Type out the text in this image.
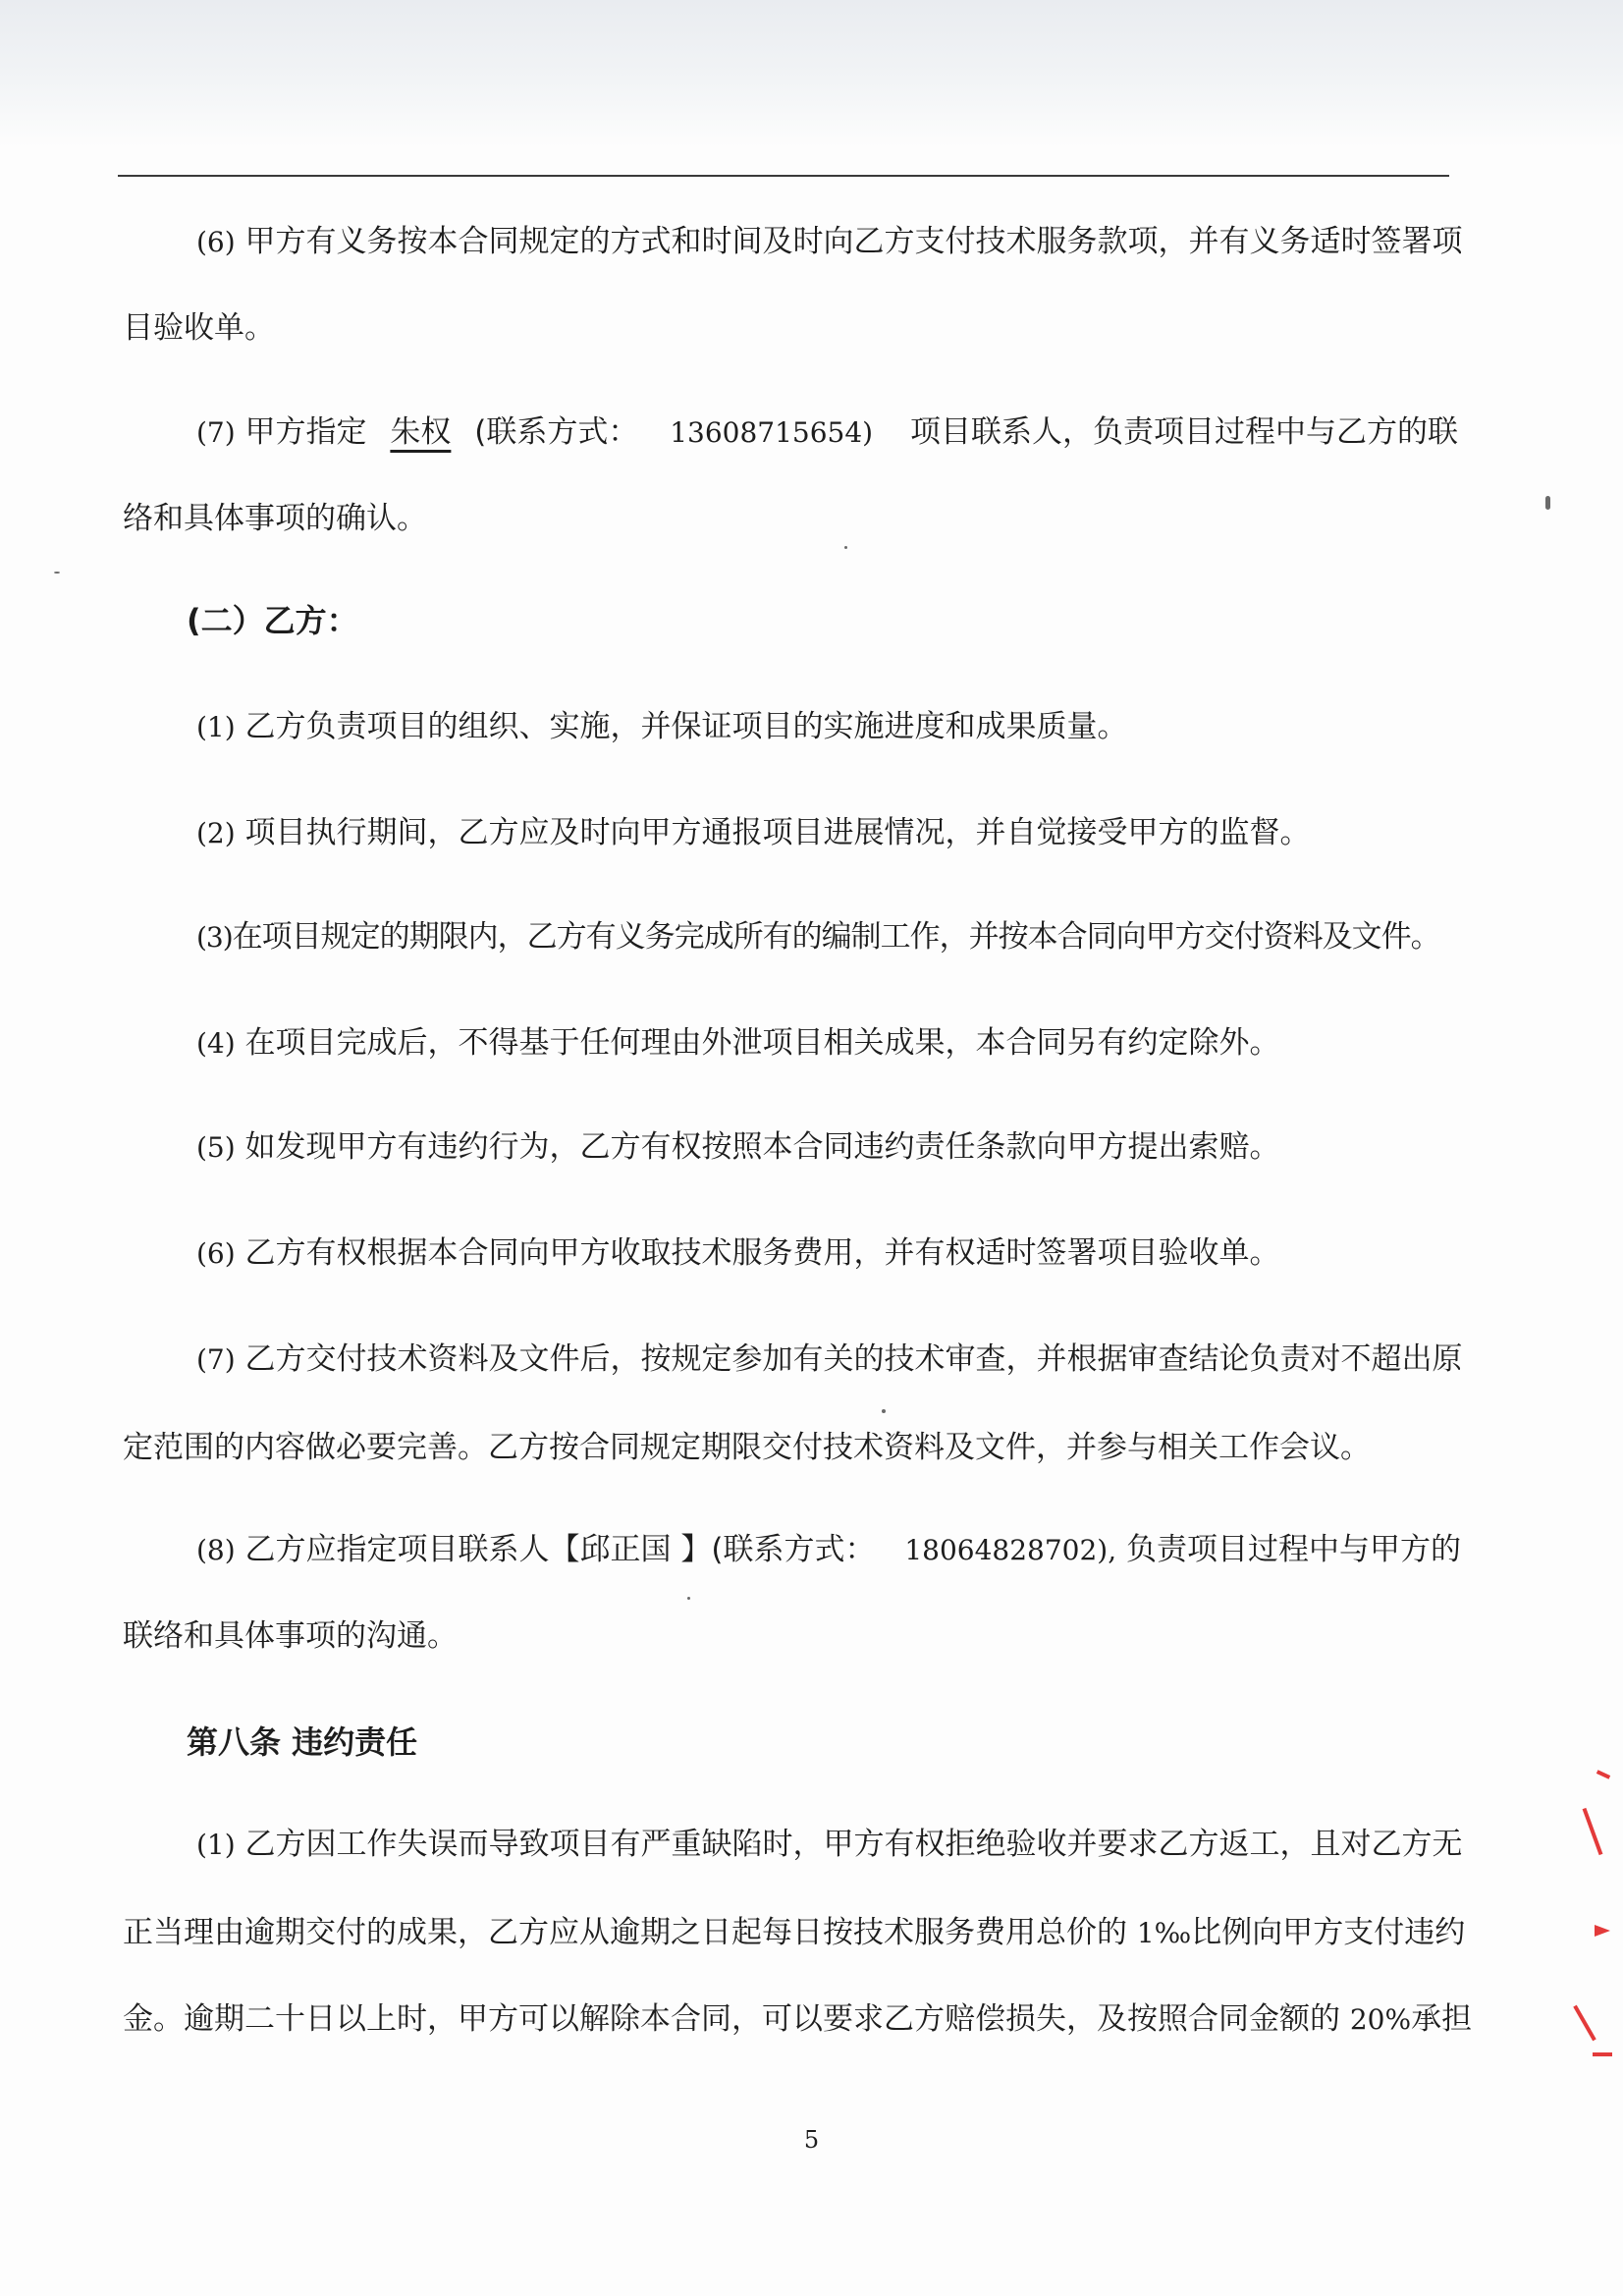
(6) 甲方有义务按本合同规定的方式和时间及时向乙方支付技术服务款项，并有义务适时签署项
目验收单。
(7) 甲方指定 朱权 (联系方式： 13608715654) 项目联系人，负责项目过程中与乙方的联
络和具体事项的确认。
(二）乙方：
(1) 乙方负责项目的组织、实施，并保证项目的实施进度和成果质量。
(2) 项目执行期间，乙方应及时向甲方通报项目进展情况，并自觉接受甲方的监督。
(3)在项目规定的期限内，乙方有义务完成所有的编制工作，并按本合同向甲方交付资料及文件。
(4) 在项目完成后，不得基于任何理由外泄项目相关成果，本合同另有约定除外。
(5) 如发现甲方有违约行为，乙方有权按照本合同违约责任条款向甲方提出索赔。
(6) 乙方有权根据本合同向甲方收取技术服务费用，并有权适时签署项目验收单。
(7) 乙方交付技术资料及文件后，按规定参加有关的技术审查，并根据审查结论负责对不超出原
定范围的内容做必要完善。乙方按合同规定期限交付技术资料及文件，并参与相关工作会议。
(8) 乙方应指定项目联系人【邱正国 】(联系方式： 18064828702), 负责项目过程中与甲方的
联络和具体事项的沟通。
第八条 违约责任
(1) 乙方因工作失误而导致项目有严重缺陷时，甲方有权拒绝验收并要求乙方返工，且对乙方无
正当理由逾期交付的成果，乙方应从逾期之日起每日按技术服务费用总价的 1‰比例向甲方支付违约
金。逾期二十日以上时，甲方可以解除本合同，可以要求乙方赔偿损失，及按照合同金额的 20%承担
5
